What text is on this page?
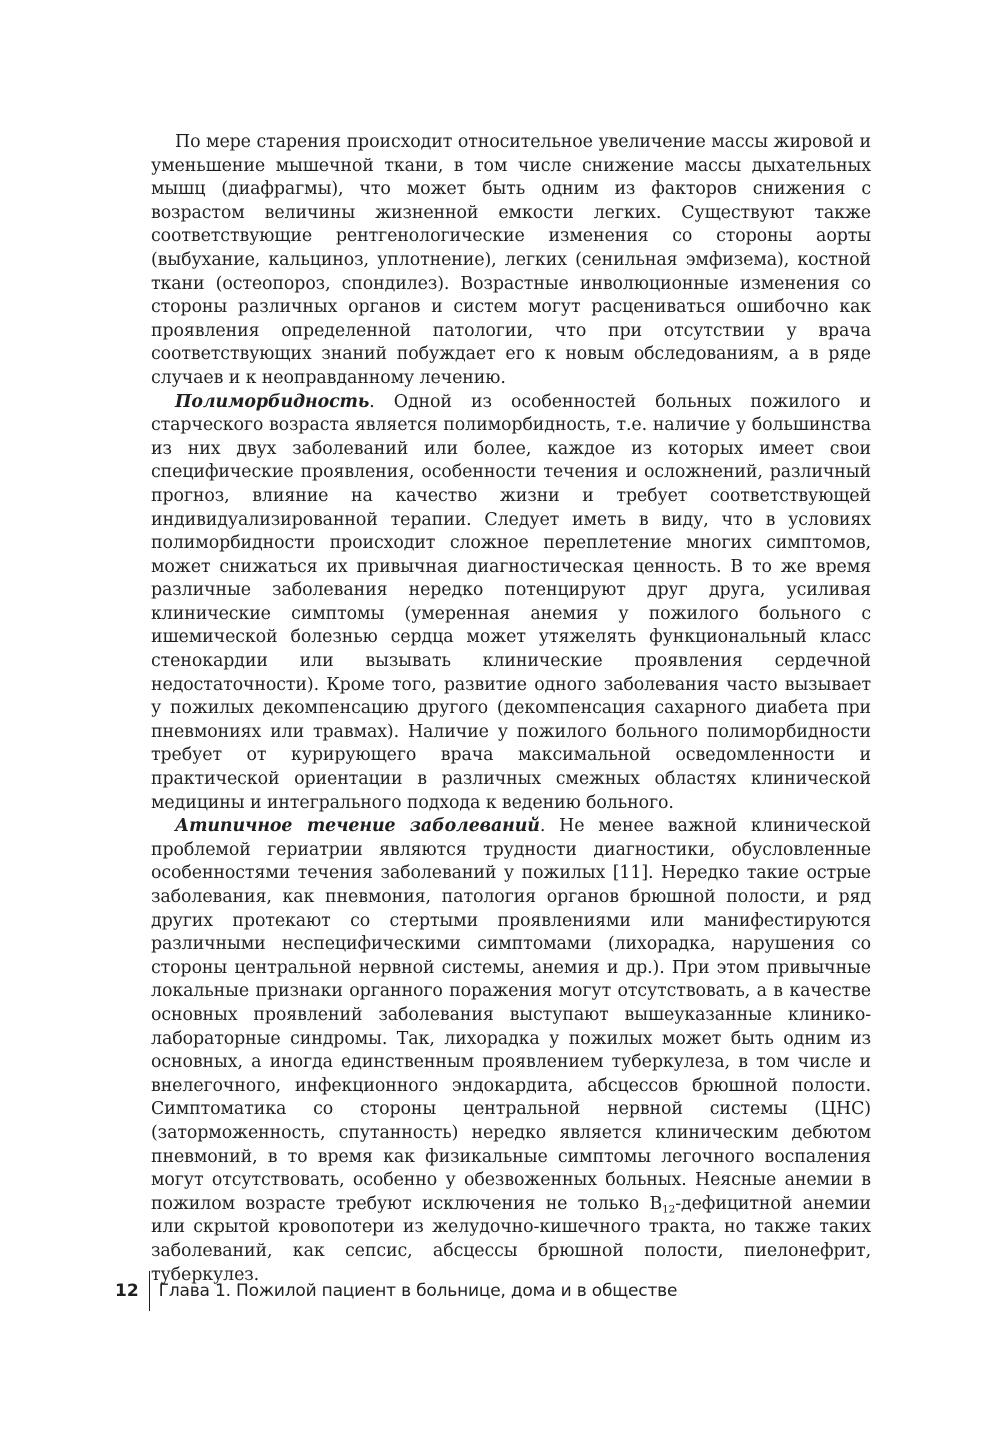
По мере старения происходит относительное увеличение массы жировой и уменьшение мышечной ткани, в том числе снижение массы дыхательных мышц (диафрагмы), что может быть одним из факторов снижения с возрастом величины жизненной емкости легких. Существуют также соответствующие рентгенологические изменения со стороны аорты (выбухание, кальциноз, уплотнение), легких (сенильная эмфизема), костной ткани (остеопороз, спондилез). Возрастные инволюционные изменения со стороны различных органов и систем могут расцениваться ошибочно как проявления определенной патологии, что при отсутствии у врача соответствующих знаний побуждает его к новым обследованиям, а в ряде случаев и к неоправданному лечению.

Полиморбидность. Одной из особенностей больных пожилого и старческого возраста является полиморбидность, т.е. наличие у большинства из них двух заболеваний или более, каждое из которых имеет свои специфические проявления, особенности течения и осложнений, различный прогноз, влияние на качество жизни и требует соответствующей индивидуализированной терапии. Следует иметь в виду, что в условиях полиморбидности происходит сложное переплетение многих симптомов, может снижаться их привычная диагностическая ценность. В то же время различные заболевания нередко потенцируют друг друга, усиливая клинические симптомы (умеренная анемия у пожилого больного с ишемической болезнью сердца может утяжелять функциональный класс стенокардии или вызывать клинические проявления сердечной недостаточности). Кроме того, развитие одного заболевания часто вызывает у пожилых декомпенсацию другого (декомпенсация сахарного диабета при пневмониях или травмах). Наличие у пожилого больного полиморбидности требует от курирующего врача максимальной осведомленности и практической ориентации в различных смежных областях клинической медицины и интегрального подхода к ведению больного.

Атипичное течение заболеваний. Не менее важной клинической проблемой гериатрии являются трудности диагностики, обусловленные особенностями течения заболеваний у пожилых [11]. Нередко такие острые заболевания, как пневмония, патология органов брюшной полости, и ряд других протекают со стертыми проявлениями или манифестируются различными неспецифическими симптомами (лихорадка, нарушения со стороны центральной нервной системы, анемия и др.). При этом привычные локальные признаки органного поражения могут отсутствовать, а в качестве основных проявлений заболевания выступают вышеуказанные клинико-лабораторные синдромы. Так, лихорадка у пожилых может быть одним из основных, а иногда единственным проявлением туберкулеза, в том числе и внелегочного, инфекционного эндокардита, абсцессов брюшной полости. Симптоматика со стороны центральной нервной системы (ЦНС) (заторможенность, спутанность) нередко является клиническим дебютом пневмоний, в то время как физикальные симптомы легочного воспаления могут отсутствовать, особенно у обезвоженных больных. Неясные анемии в пожилом возрасте требуют исключения не только $B_{12}$-дефицитной анемии или скрытой кровопотери из желудочно-кишечного тракта, но также таких заболеваний, как сепсис, абсцессы брюшной полости, пиелонефрит, туберкулез.

12	Глава 1. Пожилой пациент в больнице, дома и в обществе
